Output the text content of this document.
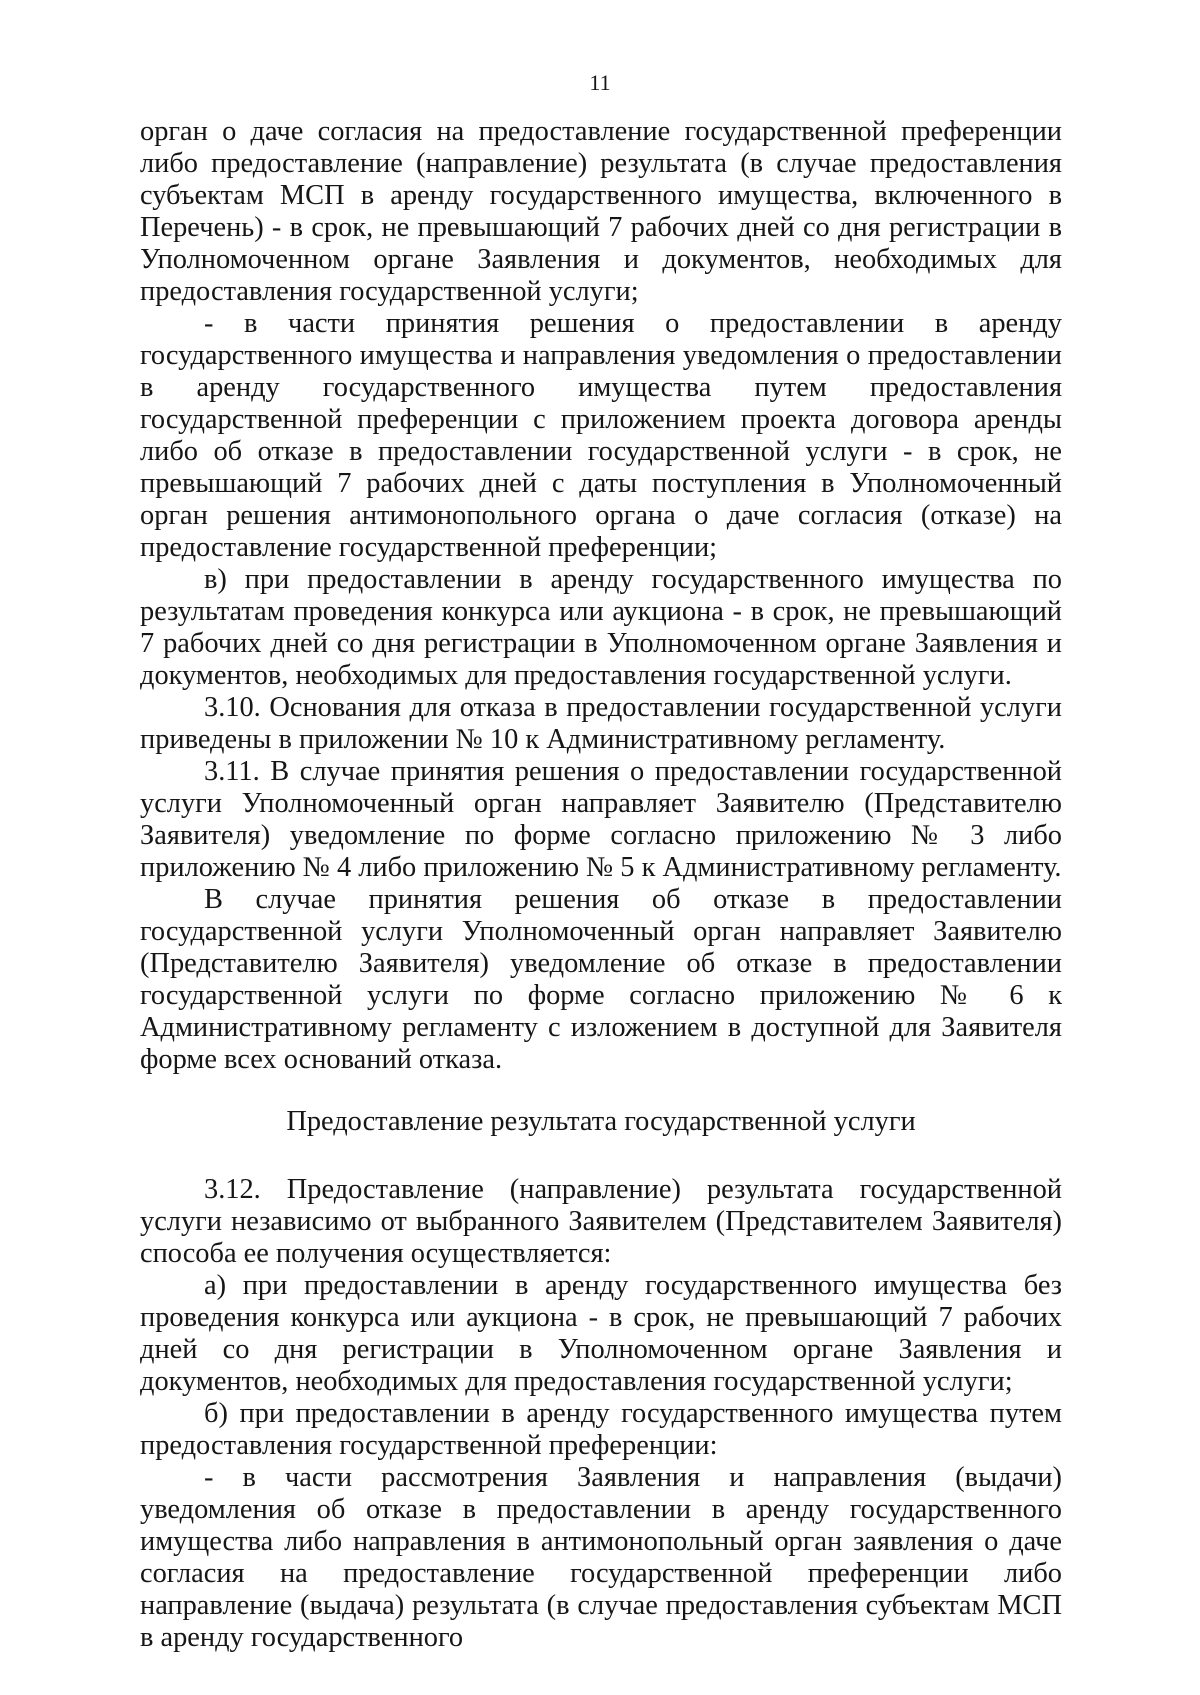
11

орган о даче согласия на предоставление государственной преференции либо предоставление (направление) результата (в случае предоставления субъектам МСП в аренду государственного имущества, включенного в Перечень) - в срок, не превышающий 7 рабочих дней со дня регистрации в Уполномоченном органе Заявления и документов, необходимых для предоставления государственной услуги;

- в части принятия решения о предоставлении в аренду государственного имущества и направления уведомления о предоставлении в аренду государственного имущества путем предоставления государственной преференции с приложением проекта договора аренды либо об отказе в предоставлении государственной услуги - в срок, не превышающий 7 рабочих дней с даты поступления в Уполномоченный орган решения антимонопольного органа о даче согласия (отказе) на предоставление государственной преференции;

в) при предоставлении в аренду государственного имущества по результатам проведения конкурса или аукциона - в срок, не превышающий 7 рабочих дней со дня регистрации в Уполномоченном органе Заявления и документов, необходимых для предоставления государственной услуги.

3.10. Основания для отказа в предоставлении государственной услуги приведены в приложении № 10 к Административному регламенту.

3.11. В случае принятия решения о предоставлении государственной услуги Уполномоченный орган направляет Заявителю (Представителю Заявителя) уведомление по форме согласно приложению № 3 либо приложению № 4 либо приложению № 5 к Административному регламенту.

В случае принятия решения об отказе в предоставлении государственной услуги Уполномоченный орган направляет Заявителю (Представителю Заявителя) уведомление об отказе в предоставлении государственной услуги по форме согласно приложению № 6 к Административному регламенту с изложением в доступной для Заявителя форме всех оснований отказа.

Предоставление результата государственной услуги

3.12. Предоставление (направление) результата государственной услуги независимо от выбранного Заявителем (Представителем Заявителя) способа ее получения осуществляется:

а) при предоставлении в аренду государственного имущества без проведения конкурса или аукциона - в срок, не превышающий 7 рабочих дней со дня регистрации в Уполномоченном органе Заявления и документов, необходимых для предоставления государственной услуги;

б) при предоставлении в аренду государственного имущества путем предоставления государственной преференции:

- в части рассмотрения Заявления и направления (выдачи) уведомления об отказе в предоставлении в аренду государственного имущества либо направления в антимонопольный орган заявления о даче согласия на предоставление государственной преференции либо направление (выдача) результата (в случае предоставления субъектам МСП в аренду государственного
